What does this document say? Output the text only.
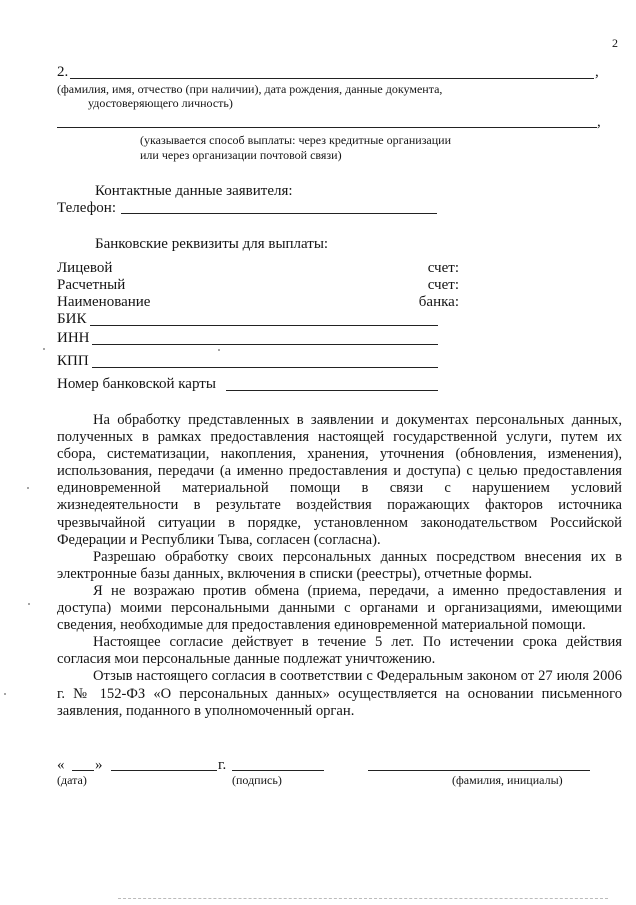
2
2.	,
(фамилия, имя, отчество (при наличии), дата рождения, данные документа,
удостоверяющего личность)
,
(указывается способ выплаты: через кредитные организации
или через организации почтовой связи)
Контактные данные заявителя:
Телефон:
Банковские реквизиты для выплаты:
Лицевой	счет:
Расчетный	счет:
Наименование	банка:
БИК
ИНН
КПП
Номер банковской карты

На обработку представленных в заявлении и документах персональных данных, полученных в рамках предоставления настоящей государственной услуги, путем их сбора, систематизации, накопления, хранения, уточнения (обновления, изменения), использования, передачи (а именно предоставления и доступа) с целью предоставления единовременной материальной помощи в связи с нарушением условий жизнедеятельности в результате воздействия поражающих факторов источника чрезвычайной ситуации в порядке, установленном законодательством Российской Федерации и Республики Тыва, согласен (согласна).

Разрешаю обработку своих персональных данных посредством внесения их в электронные базы данных, включения в списки (реестры), отчетные формы.

Я не возражаю против обмена (приема, передачи, а именно предоставления и доступа) моими персональными данными с органами и организациями, имеющими сведения, необходимые для предоставления единовременной материальной помощи.

Настоящее согласие действует в течение 5 лет. По истечении срока действия согласия мои персональные данные подлежат уничтожению.

Отзыв настоящего согласия в соответствии с Федеральным законом от 27 июля 2006 г. № 152-ФЗ «О персональных данных» осуществляется на основании письменного заявления, поданного в уполномоченный орган.

« »	г.
(дата)	(подпись)	(фамилия, инициалы)
